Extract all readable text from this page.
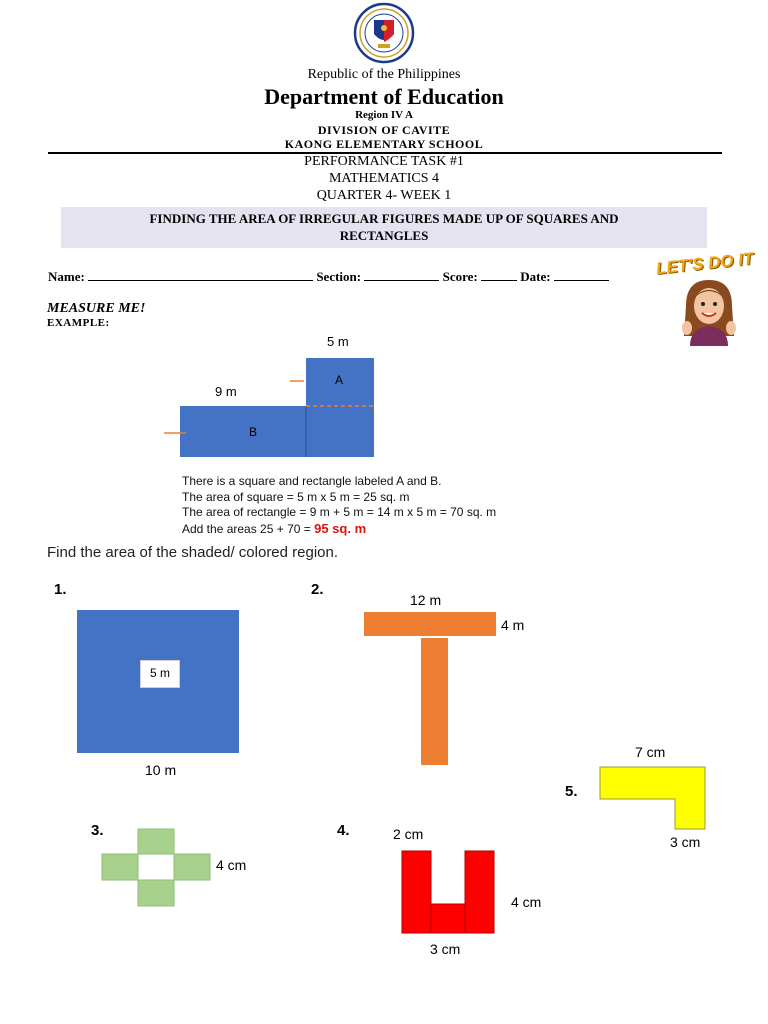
Republic of the Philippines
Department of Education
Region IV A
DIVISION OF CAVITE
KAONG ELEMENTARY SCHOOL
PERFORMANCE TASK #1
MATHEMATICS 4
QUARTER 4- WEEK 1
FINDING THE AREA OF IRREGULAR FIGURES MADE UP OF SQUARES AND
RECTANGLES
Name:	Section:	Score:	Date:	LET'S DO IT
MEASURE ME!
EXAMPLE:
5 m
9 m
A
B
There is a square and rectangle labeled A and B.
The area of square = 5 m x 5 m = 25 sq. m
The area of rectangle = 9 m + 5 m = 14 m x 5 m = 70 sq. m
Add the areas 25 + 70 = 95 sq. m
Find the area of the shaded/ colored region.
1.
5 m
10 m
2.
12 m
4 m
7 cm
5.
3 cm
3.
4 cm
4.	2 cm
4 cm
3 cm
